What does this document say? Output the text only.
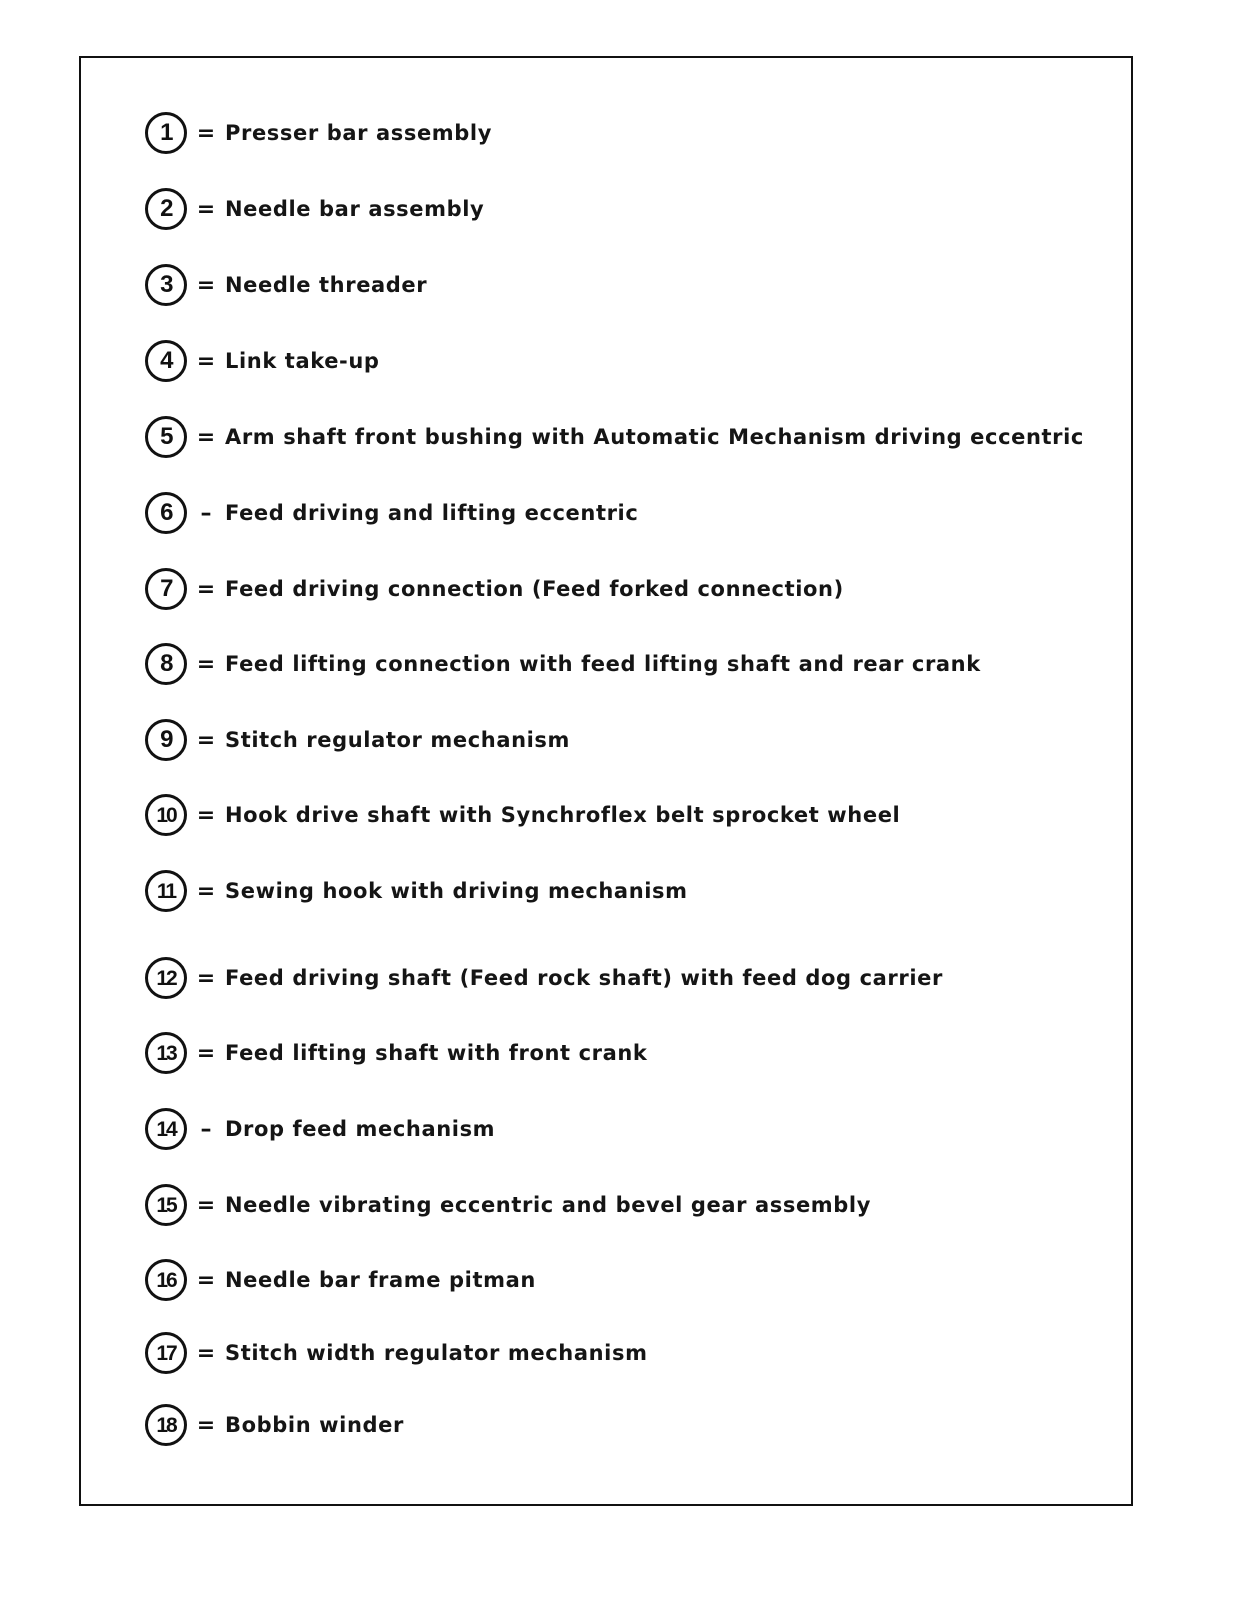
1	= Presser bar assembly
2	= Needle bar assembly
3	= Needle threader
4	= Link take-up
5	= Arm shaft front bushing with Automatic Mechanism driving eccentric
6	– Feed driving and lifting eccentric
7	= Feed driving connection (Feed forked connection)
8	= Feed lifting connection with feed lifting shaft and rear crank
9	= Stitch regulator mechanism
10 = Hook drive shaft with Synchroflex belt sprocket wheel
11 = Sewing hook with driving mechanism
12 = Feed driving shaft (Feed rock shaft) with feed dog carrier
13 = Feed lifting shaft with front crank
14	– Drop feed mechanism
15 = Needle vibrating eccentric and bevel gear assembly
16 = Needle bar frame pitman
17 = Stitch width regulator mechanism
18 = Bobbin winder
